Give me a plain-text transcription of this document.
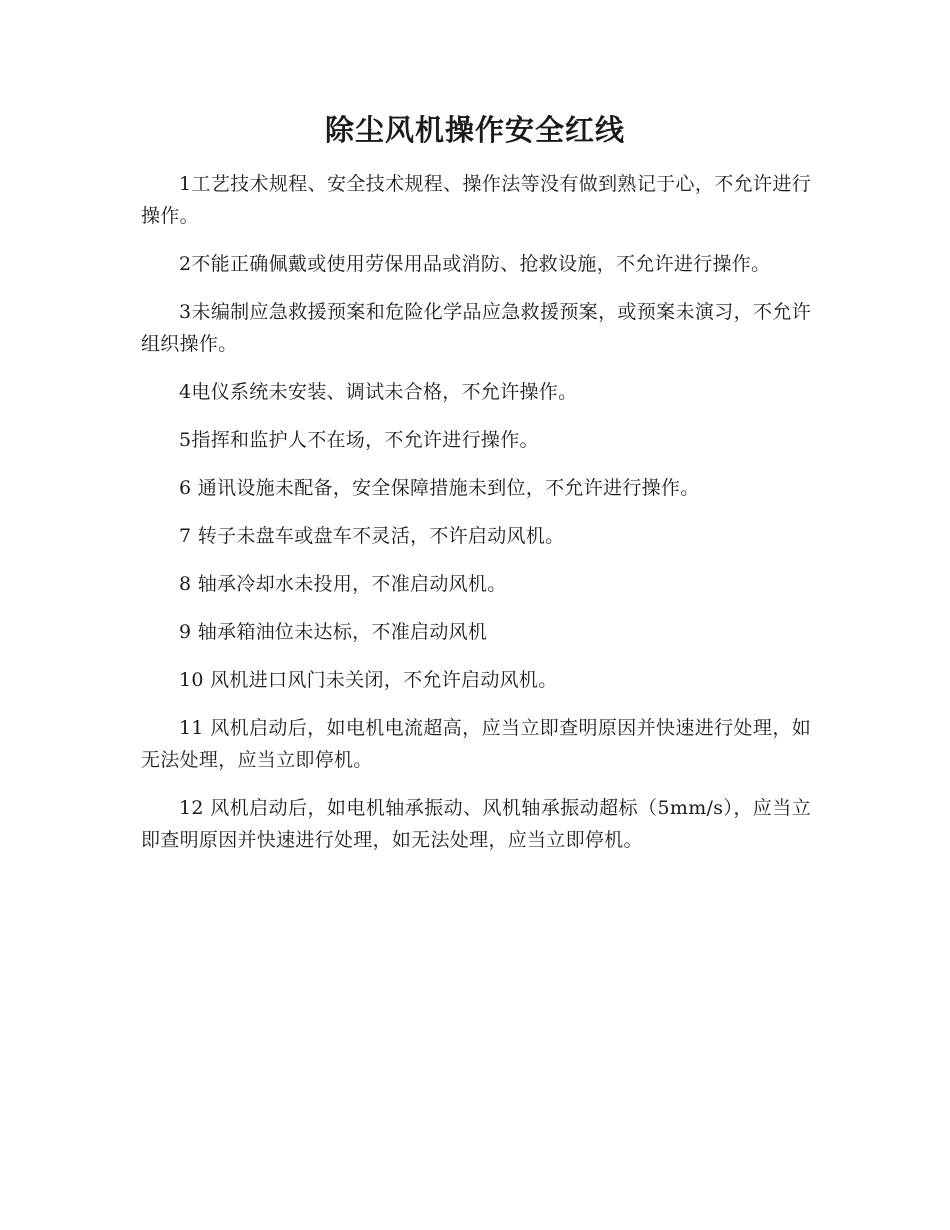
除尘风机操作安全红线

1工艺技术规程、安全技术规程、操作法等没有做到熟记于心，不允许进行操作。

2不能正确佩戴或使用劳保用品或消防、抢救设施，不允许进行操作。

3未编制应急救援预案和危险化学品应急救援预案，或预案未演习，不允许组织操作。

4电仪系统未安装、调试未合格，不允许操作。

5指挥和监护人不在场，不允许进行操作。

6 通讯设施未配备，安全保障措施未到位，不允许进行操作。

7 转子未盘车或盘车不灵活，不许启动风机。

8 轴承冷却水未投用，不准启动风机。

9 轴承箱油位未达标，不准启动风机

10 风机进口风门未关闭，不允许启动风机。

11 风机启动后，如电机电流超高，应当立即查明原因并快速进行处理，如无法处理，应当立即停机。

12 风机启动后，如电机轴承振动、风机轴承振动超标（5mm/s），应当立即查明原因并快速进行处理，如无法处理，应当立即停机。
